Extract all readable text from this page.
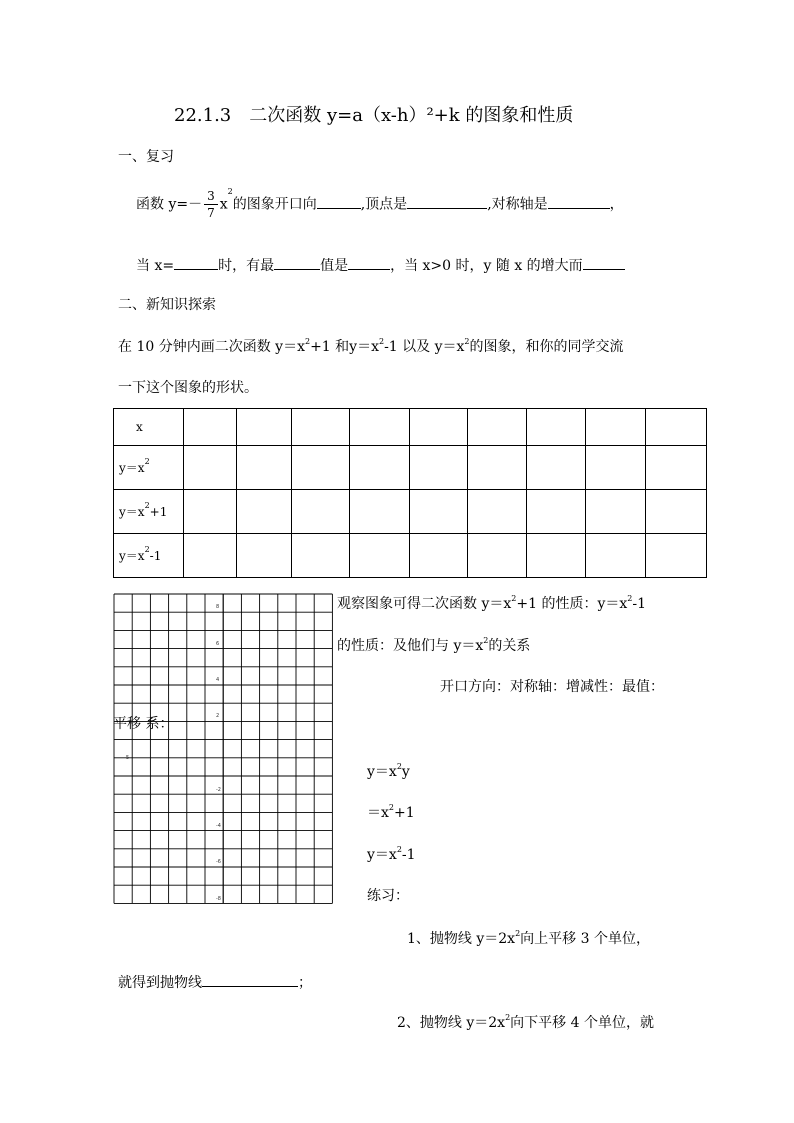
22.1.3　二次函数 y=a（x-h）²+k 的图象和性质
一、复习
函数 $y=- \frac{3}{7} x^2$的图象开口向	,顶点是	,对称轴是	，
当 x=	时，有最	值是	，当 x>0 时，y 随 x 的增大而
二、新知识探索
在 10 分钟内画二次函数 $y=x^2+1$ 和$y=x^2-1$ 以及 $y=x^2$的图象，和你的同学交流
一下这个图象的形状。
x									
$y=x^2$									
$y=x^2+1$									
$y=x^2-1$									
8
6
4
2
5
-2
-4
-6
-8
观察图象可得二次函数 $y=x^2+1$ 的性质：$y=x^2-1$
的性质：及他们与 $y=x^2$的关系
开口方向：对称轴：增减性：最值：
平移 系：
$y=x^2y$
$=x^2+1$
$y=x^2-1$
练习：
1、抛物线 $y=2x^2$向上平移 3 个单位，
就得到抛物线	；
2、抛物线 $y=2x^2$向下平移 4 个单位，就
